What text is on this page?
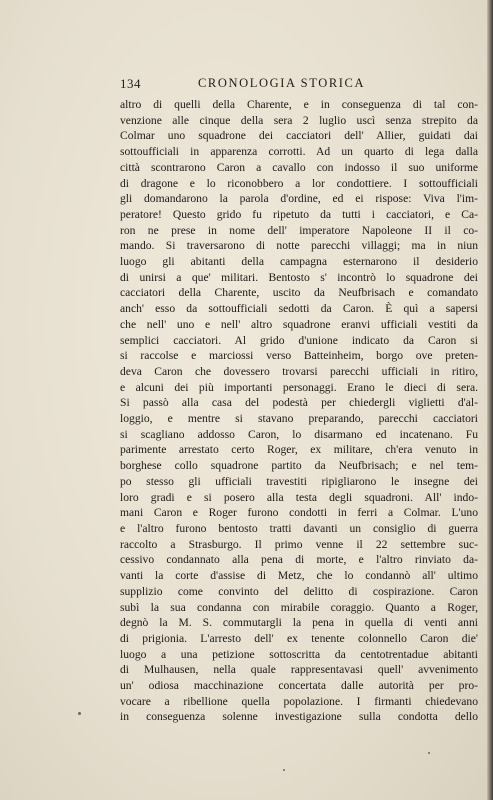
134	CRONOLOGIA STORICA
altro di quelli della Charente, e in conseguenza di tal con-
venzione alle cinque della sera 2 luglio uscì senza strepito da
Colmar uno squadrone dei cacciatori dell' Allier, guidati dai
sottoufficiali in apparenza corrotti. Ad un quarto di lega dalla
città scontrarono Caron a cavallo con indosso il suo uniforme
di dragone e lo riconobbero a lor condottiere. I sottoufficiali
gli domandarono la parola d'ordine, ed ei rispose: Viva l'im-
peratore! Questo grido fu ripetuto da tutti i cacciatori, e Ca-
ron ne prese in nome dell' imperatore Napoleone II il co-
mando. Si traversarono di notte parecchi villaggi; ma in niun
luogo gli abitanti della campagna esternarono il desiderio
di unirsi a que' militari. Bentosto s' incontrò lo squadrone dei
cacciatori della Charente, uscito da Neufbrisach e comandato
anch' esso da sottoufficiali sedotti da Caron. È quì a sapersi
che nell' uno e nell' altro squadrone eranvi ufficiali vestiti da
semplici cacciatori. Al grido d'unione indicato da Caron si
si raccolse e marciossi verso Batteinheim, borgo ove preten-
deva Caron che dovessero trovarsi parecchi ufficiali in ritiro,
e alcuni dei più importanti personaggi. Erano le dieci di sera.
Si passò alla casa del podestà per chiedergli viglietti d'al-
loggio, e mentre si stavano preparando, parecchi cacciatori
si scagliano addosso Caron, lo disarmano ed incatenano. Fu
parimente arrestato certo Roger, ex militare, ch'era venuto in
borghese collo squadrone partito da Neufbrisach; e nel tem-
po stesso gli ufficiali travestiti ripigliarono le insegne dei
loro gradi e si posero alla testa degli squadroni. All' indo-
mani Caron e Roger furono condotti in ferri a Colmar. L'uno
e l'altro furono bentosto tratti davanti un consiglio di guerra
raccolto a Strasburgo. Il primo venne il 22 settembre suc-
cessivo condannato alla pena di morte, e l'altro rinviato da-
vanti la corte d'assise di Metz, che lo condannò all' ultimo
supplizio come convinto del delitto di cospirazione. Caron
subì la sua condanna con mirabile coraggio. Quanto a Roger,
degnò la M. S. commutargli la pena in quella di venti anni
di prigionia. L'arresto dell' ex tenente colonnello Caron die'
luogo a una petizione sottoscritta da centotrentadue abitanti
di Mulhausen, nella quale rappresentavasi quell' avvenimento
un' odiosa macchinazione concertata dalle autorità per pro-
vocare a ribellione quella popolazione. I firmanti chiedevano
in conseguenza solenne investigazione sulla condotta dello
